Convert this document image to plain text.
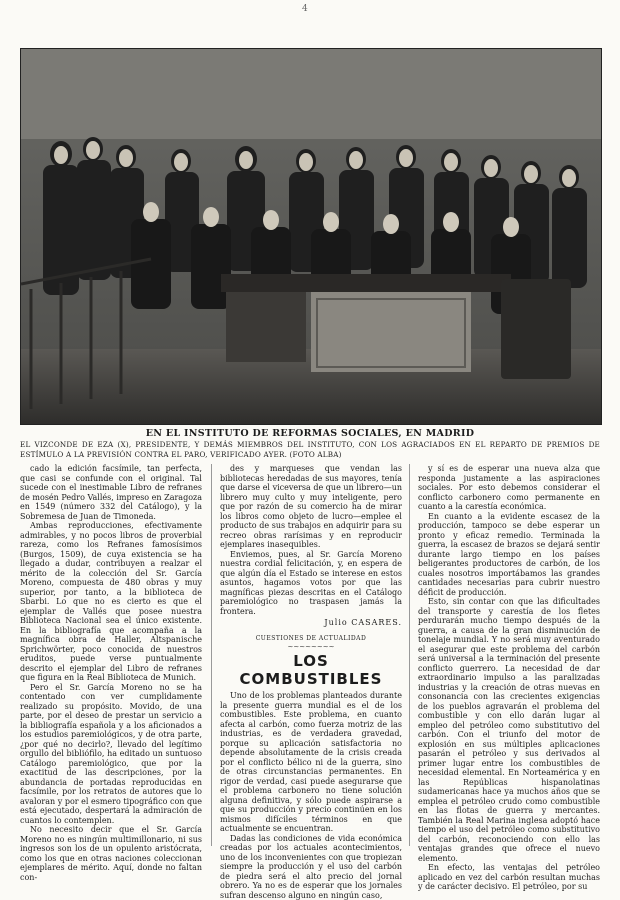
4
EN EL INSTITUTO DE REFORMAS SOCIALES, EN MADRID
EL VIZCONDE DE EZA (X), PRESIDENTE, Y DEMÁS MIEMBROS DEL INSTITUTO, CON LOS AGRACIADOS EN EL REPARTO DE PREMIOS DE ESTÍMULO A LA PREVISIÓN CONTRA EL PARO, VERIFICADO AYER. (FOTO ALBA)

cado la edición facsímile, tan perfecta, que casi se confunde con el original. Tal sucede con el inestimable Libro de refranes de mosén Pedro Vallés, impreso en Zaragoza en 1549 (número 332 del Catálogo), y la Sobremesa de Juan de Timoneda.

Ambas reproducciones, efectivamente admirables, y no pocos libros de proverbial rareza, como los Refranes famosísimos (Burgos, 1509), de cuya existencia se ha llegado a dudar, contribuyen a realzar el mérito de la colección del Sr. García Moreno, compuesta de 480 obras y muy superior, por tanto, a la biblioteca de Sbarbi. Lo que no es cierto es que el ejemplar de Vallés que posee nuestra Biblioteca Nacional sea el único existente. En la bibliografía que acompaña a la magnífica obra de Haller, Altspanische Sprichwörter, poco conocida de nuestros eruditos, puede verse puntualmente descrito el ejemplar del Libro de refranes que figura en la Real Biblioteca de Munich.

Pero el Sr. García Moreno no se ha contentado con ver cumplidamente realizado su propósito. Movido, de una parte, por el deseo de prestar un servicio a la bibliografía española y a los aficionados a los estudios paremiológicos, y de otra parte, ¿por qué no decirlo?, llevado del legítimo orgullo del bibliófilo, ha editado un suntuoso Catálogo paremiológico, que por la exactitud de las descripciones, por la abundancia de portadas reproducidas en facsímile, por los retratos de autores que lo avaloran y por el esmero tipográfico con que está ejecutado, despertará la admiración de cuantos lo contemplen.

No necesito decir que el Sr. García Moreno no es ningún multimillonario, ni sus ingresos son los de un opulento aristócrata, como los que en otras naciones coleccionan ejemplares de mérito. Aquí, donde no faltan con-

des y marqueses que vendan las bibliotecas heredadas de sus mayores, tenía que darse el viceversa de que un librero—un librero muy culto y muy inteligente, pero que por razón de su comercio ha de mirar los libros como objeto de lucro—emplee el producto de sus trabajos en adquirir para su recreo obras rarísimas y en reproducir ejemplares inasequibles.

Enviemos, pues, al Sr. García Moreno nuestra cordial felicitación, y, en espera de que algún día el Estado se interese en estos asuntos, hagamos votos por que las magníficas piezas descritas en el Catálogo paremiológico no traspasen jamás la frontera.

Julio CASARES.
CUESTIONES DE ACTUALIDAD
~~~~~~~~
LOS COMBUSTIBLES

Uno de los problemas planteados durante la presente guerra mundial es el de los combustibles. Este problema, en cuanto afecta al carbón, como fuerza motriz de las industrias, es de verdadera gravedad, porque su aplicación satisfactoria no depende absolutamente de la crisis creada por el conflicto bélico ni de la guerra, sino de otras circunstancias permanentes. En rigor de verdad, casi puede asegurarse que el problema carbonero no tiene solución alguna definitiva, y sólo puede aspirarse a que su producción y precio continúen en los mismos difíciles términos en que actualmente se encuentran.

Dadas las condiciones de vida económica creadas por los actuales acontecimientos, uno de los inconvenientes con que tropiezan siempre la producción y el uso del carbón de piedra será el alto precio del jornal obrero. Ya no es de esperar que los jornales sufran descenso alguno en ningún caso,

y sí es de esperar una nueva alza que responda justamente a las aspiraciones sociales. Por esto debemos considerar el conflicto carbonero como permanente en cuanto a la carestía económica.

En cuanto a la evidente escasez de la producción, tampoco se debe esperar un pronto y eficaz remedio. Terminada la guerra, la escasez de brazos se dejará sentir durante largo tiempo en los países beligerantes productores de carbón, de los cuales nosotros importábamos las grandes cantidades necesarias para cubrir nuestro déficit de producción.

Esto, sin contar con que las dificultades del transporte y carestía de los fletes perdurarán mucho tiempo después de la guerra, a causa de la gran disminución de tonelaje mundial. Y no será muy aventurado el asegurar que este problema del carbón será universal a la terminación del presente conflicto guerrero. La necesidad de dar extraordinario impulso a las paralizadas industrias y la creación de otras nuevas en consonancia con las crecientes exigencias de los pueblos agravarán el problema del combustible y con ello darán lugar al empleo del petróleo como substitutivo del carbón. Con el triunfo del motor de explosión en sus múltiples aplicaciones pasarán el petróleo y sus derivados al primer lugar entre los combustibles de necesidad elemental. En Norteamérica y en las Repúblicas hispanolatinas sudamericanas hace ya muchos años que se emplea el petróleo crudo como combustible en las flotas de guerra y mercantes. También la Real Marina inglesa adoptó hace tiempo el uso del petróleo como substitutivo del carbón, reconociendo con ello las ventajas grandes que ofrece el nuevo elemento.

En efecto, las ventajas del petróleo aplicado en vez del carbón resultan muchas y de carácter decisivo. El petróleo, por su
